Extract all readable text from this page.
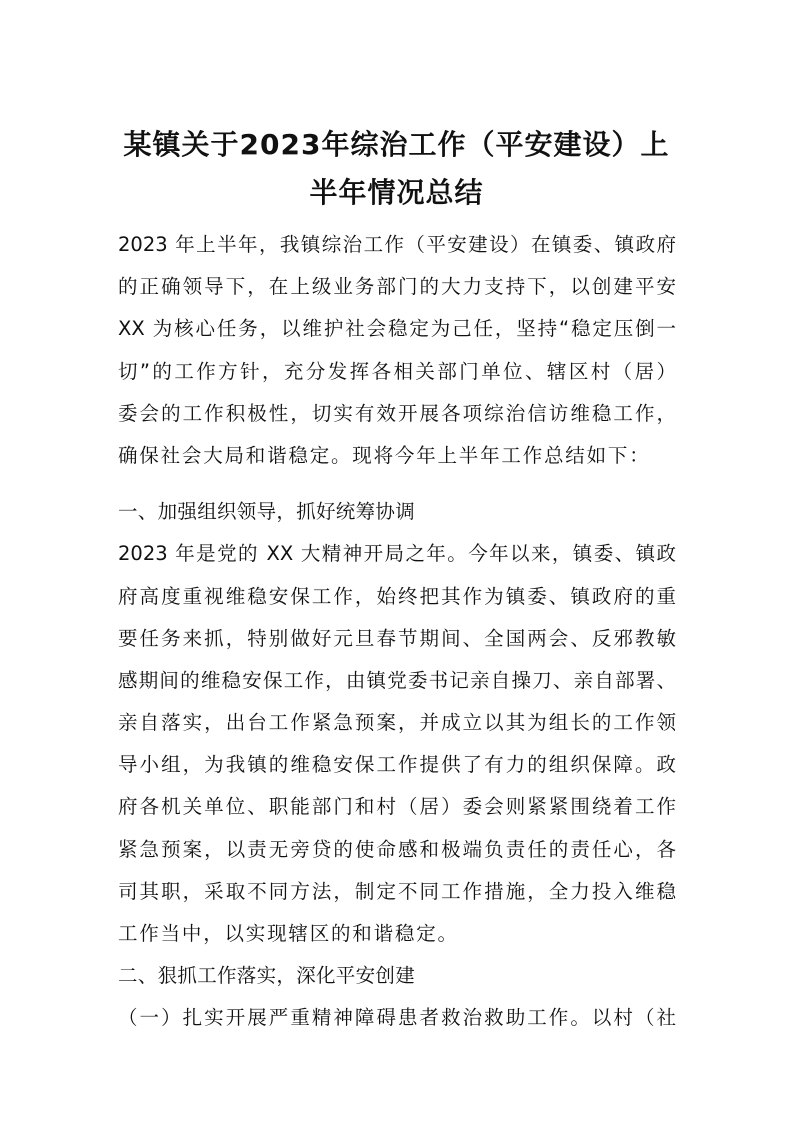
某镇关于2023年综治工作（平安建设）上
半年情况总结
2023 年上半年，我镇综治工作（平安建设）在镇委、镇政府
的正确领导下，在上级业务部门的大力支持下，以创建平安
XX 为核心任务，以维护社会稳定为己任，坚持“稳定压倒一
切”的工作方针，充分发挥各相关部门单位、辖区村（居）
委会的工作积极性，切实有效开展各项综治信访维稳工作，
确保社会大局和谐稳定。现将今年上半年工作总结如下：
一、加强组织领导，抓好统筹协调
2023 年是党的 XX 大精神开局之年。今年以来，镇委、镇政
府高度重视维稳安保工作，始终把其作为镇委、镇政府的重
要任务来抓，特别做好元旦春节期间、全国两会、反邪教敏
感期间的维稳安保工作，由镇党委书记亲自操刀、亲自部署、
亲自落实，出台工作紧急预案，并成立以其为组长的工作领
导小组，为我镇的维稳安保工作提供了有力的组织保障。政
府各机关单位、职能部门和村（居）委会则紧紧围绕着工作
紧急预案，以责无旁贷的使命感和极端负责任的责任心，各
司其职，采取不同方法，制定不同工作措施，全力投入维稳
工作当中，以实现辖区的和谐稳定。
二、狠抓工作落实，深化平安创建
（一）扎实开展严重精神障碍患者救治救助工作。以村（社
